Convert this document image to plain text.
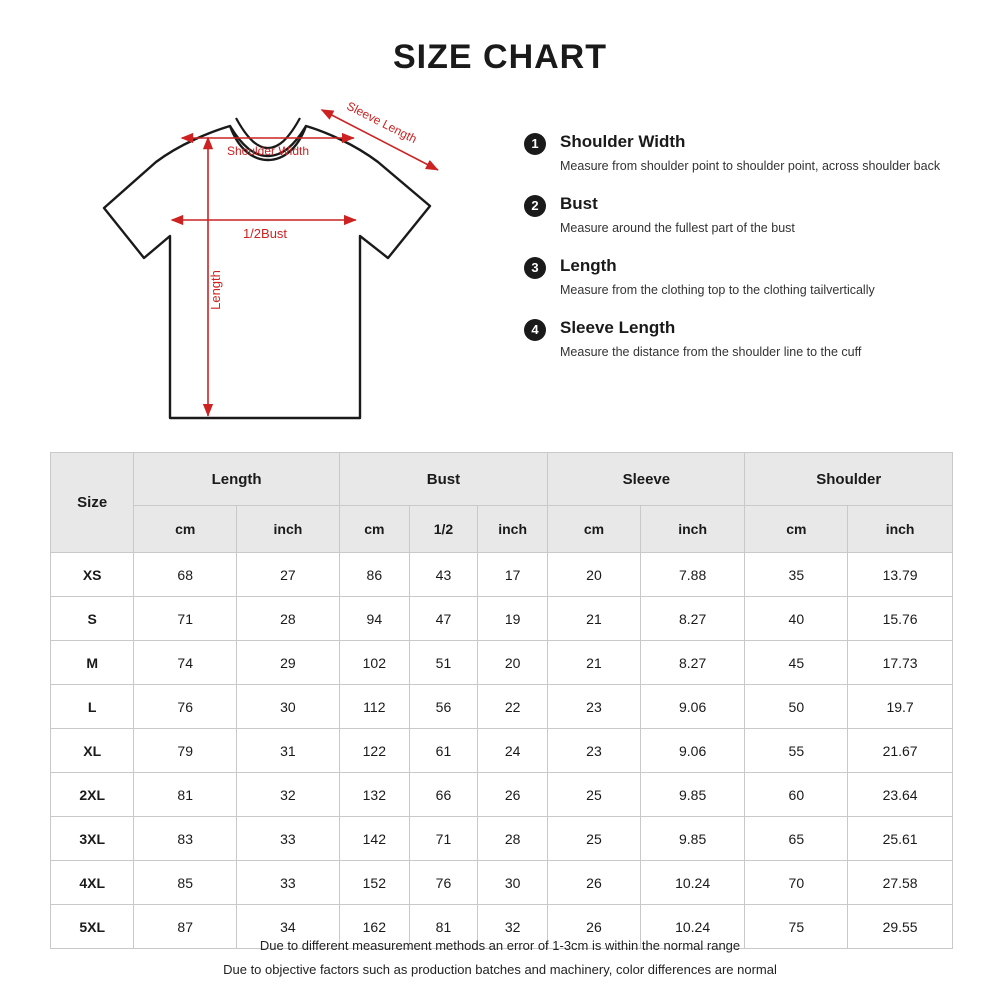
SIZE CHART
Shoulder Width
Sleeve Length
1/2Bust
Length
1	Shoulder Width
Measure from shoulder point to shoulder point, across shoulder back
2	Bust
Measure around the fullest part of the bust
3	Length
Measure from the clothing top to the clothing tailvertically
4	Sleeve Length
Measure the distance from the shoulder line to the cuff
Size	Length		Bust			Sleeve		Shoulder	
	cm	inch	cm	1/2	inch	cm	inch	cm	inch
XS	68	27	86	43	17	20	7.88	35	13.79
S	71	28	94	47	19	21	8.27	40	15.76
M	74	29	102	51	20	21	8.27	45	17.73
L	76	30	112	56	22	23	9.06	50	19.7
XL	79	31	122	61	24	23	9.06	55	21.67
2XL	81	32	132	66	26	25	9.85	60	23.64
3XL	83	33	142	71	28	25	9.85	65	25.61
4XL	85	33	152	76	30	26	10.24	70	27.58
5XL	87	34	162	81	32	26	10.24	75	29.55
Due to different measurement methods an error of 1-3cm is within the normal range
Due to objective factors such as production batches and machinery, color differences are normal
